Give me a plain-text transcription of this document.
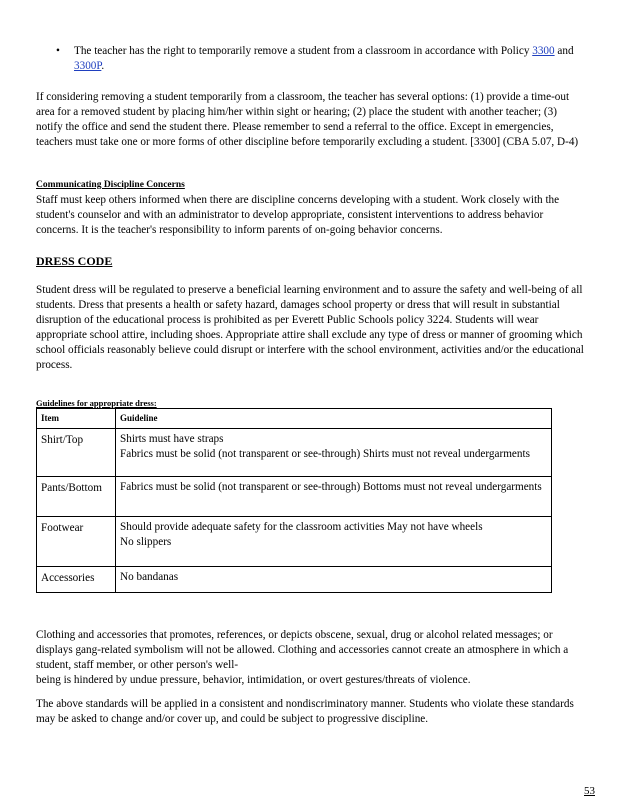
• The teacher has the right to temporarily remove a student from a classroom in accordance with Policy 3300 and 3300P.
If considering removing a student temporarily from a classroom, the teacher has several options: (1) provide a time-out area for a removed student by placing him/her within sight or hearing; (2) place the student with another teacher; (3) notify the office and send the student there. Please remember to send a referral to the office. Except in emergencies, teachers must take one or more forms of other discipline before temporarily excluding a student. [3300] (CBA 5.07, D-4)
Communicating Discipline Concerns
Staff must keep others informed when there are discipline concerns developing with a student. Work closely with the student's counselor and with an administrator to develop appropriate, consistent interventions to address behavior concerns. It is the teacher's responsibility to inform parents of on-going behavior concerns.
DRESS CODE
Student dress will be regulated to preserve a beneficial learning environment and to assure the safety and well-being of all students. Dress that presents a health or safety hazard, damages school property or dress that will result in substantial disruption of the educational process is prohibited as per Everett Public Schools policy 3224. Students will wear appropriate school attire, including shoes. Appropriate attire shall exclude any type of dress or manner of grooming which school officials reasonably believe could disrupt or interfere with the school environment, activities and/or the educational process.
Guidelines for appropriate dress:
Item	Guideline
Shirt/Top	Shirts must have straps
Fabrics must be solid (not transparent or see-through) Shirts must not reveal undergarments

Pants/Bottom	Fabrics must be solid (not transparent or see-through) Bottoms must not reveal undergarments

Footwear	Should provide adequate safety for the classroom activities May not have wheels
No slippers

Accessories	No bandanas
Clothing and accessories that promotes, references, or depicts obscene, sexual, drug or alcohol related messages; or displays gang-related symbolism will not be allowed. Clothing and accessories cannot create an atmosphere in which a student, staff member, or other person's well-
being is hindered by undue pressure, behavior, intimidation, or overt gestures/threats of violence.
The above standards will be applied in a consistent and nondiscriminatory manner. Students who violate these standards may be asked to change and/or cover up, and could be subject to progressive discipline.
53
